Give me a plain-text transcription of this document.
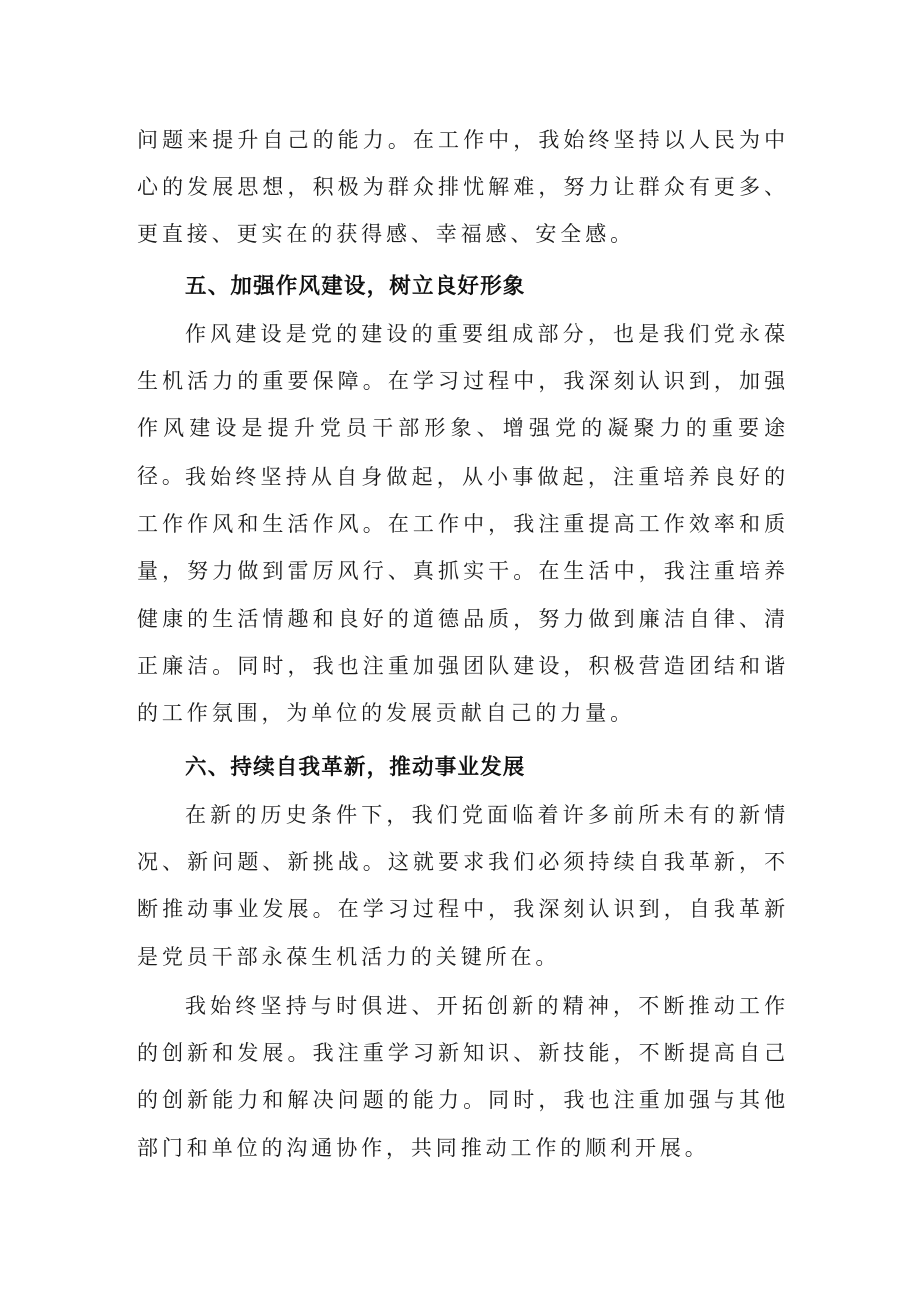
问题来提升自己的能力。在工作中，我始终坚持以人民为中心的发展思想，积极为群众排忧解难，努力让群众有更多、更直接、更实在的获得感、幸福感、安全感。

五、加强作风建设，树立良好形象

作风建设是党的建设的重要组成部分，也是我们党永葆生机活力的重要保障。在学习过程中，我深刻认识到，加强作风建设是提升党员干部形象、增强党的凝聚力的重要途径。

我始终坚持从自身做起，从小事做起，注重培养良好的工作作风和生活作风。在工作中，我注重提高工作效率和质量，努力做到雷厉风行、真抓实干。在生活中，我注重培养健康的生活情趣和良好的道德品质，努力做到廉洁自律、清正廉洁。同时，我也注重加强团队建设，积极营造团结和谐的工作氛围，为单位的发展贡献自己的力量。

六、持续自我革新，推动事业发展

在新的历史条件下，我们党面临着许多前所未有的新情况、新问题、新挑战。这就要求我们必须持续自我革新，不断推动事业发展。在学习过程中，我深刻认识到，自我革新是党员干部永葆生机活力的关键所在。

我始终坚持与时俱进、开拓创新的精神，不断推动工作的创新和发展。我注重学习新知识、新技能，不断提高自己的创新能力和解决问题的能力。同时，我也注重加强与其他部门和单位的沟通协作，共同推动工作的顺利开展。
